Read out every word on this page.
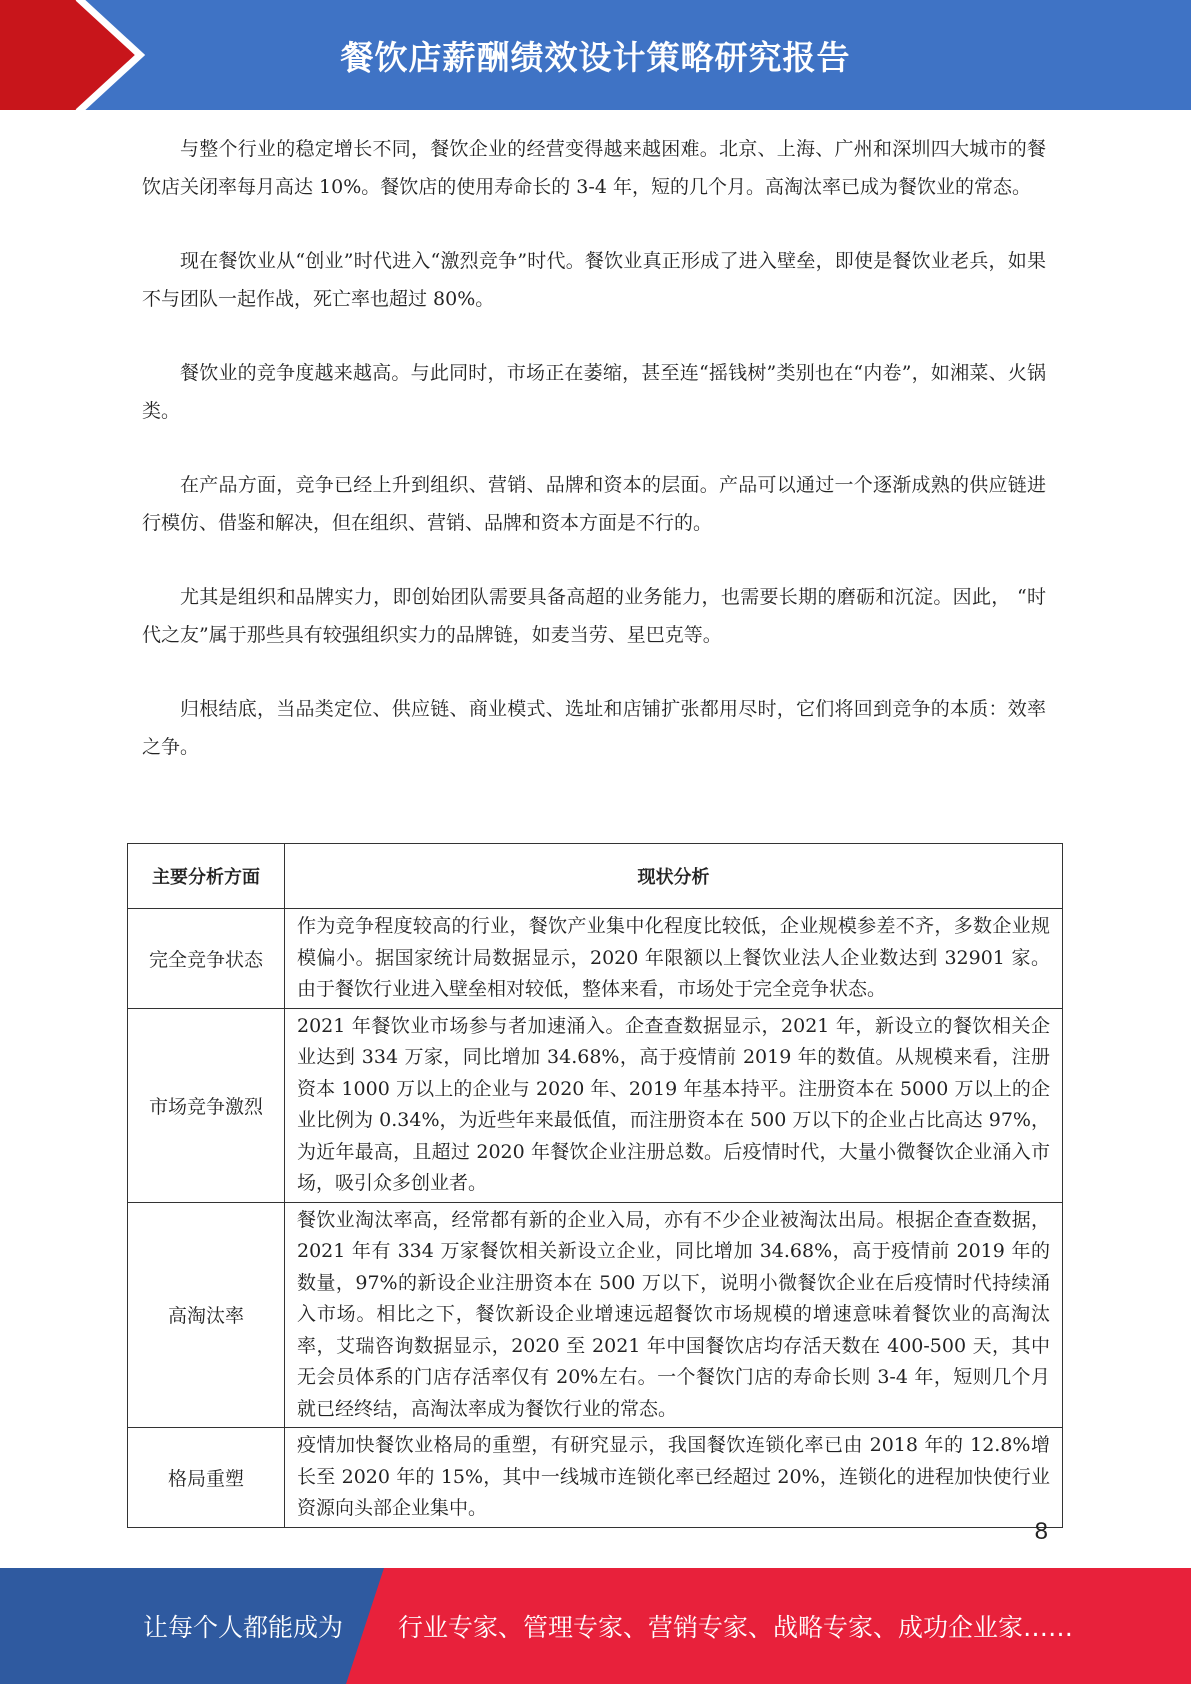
餐饮店薪酬绩效设计策略研究报告

与整个行业的稳定增长不同，餐饮企业的经营变得越来越困难。北京、上海、广州和深圳四大城市的餐饮店关闭率每月高达 10%。餐饮店的使用寿命长的 3-4 年，短的几个月。高淘汰率已成为餐饮业的常态。

现在餐饮业从“创业”时代进入“激烈竞争”时代。餐饮业真正形成了进入壁垒，即使是餐饮业老兵，如果不与团队一起作战，死亡率也超过 80%。

餐饮业的竞争度越来越高。与此同时，市场正在萎缩，甚至连“摇钱树”类别也在“内卷”，如湘菜、火锅类。

在产品方面，竞争已经上升到组织、营销、品牌和资本的层面。产品可以通过一个逐渐成熟的供应链进行模仿、借鉴和解决，但在组织、营销、品牌和资本方面是不行的。

尤其是组织和品牌实力，即创始团队需要具备高超的业务能力，也需要长期的磨砺和沉淀。因此， “时代之友”属于那些具有较强组织实力的品牌链，如麦当劳、星巴克等。

归根结底，当品类定位、供应链、商业模式、选址和店铺扩张都用尽时，它们将回到竞争的本质：效率之争。

主要分析方面	现状分析
完全竞争状态	作为竞争程度较高的行业，餐饮产业集中化程度比较低，企业规模参差不齐，多数企业规模偏小。据国家统计局数据显示，2020 年限额以上餐饮业法人企业数达到 32901 家。由于餐饮行业进入壁垒相对较低，整体来看，市场处于完全竞争状态。
市场竞争激烈	2021 年餐饮业市场参与者加速涌入。企查查数据显示，2021 年，新设立的餐饮相关企业达到 334 万家，同比增加 34.68%，高于疫情前 2019 年的数值。从规模来看，注册资本 1000 万以上的企业与 2020 年、2019 年基本持平。注册资本在 5000 万以上的企业比例为 0.34%，为近些年来最低值，而注册资本在 500 万以下的企业占比高达 97%，为近年最高，且超过 2020 年餐饮企业注册总数。后疫情时代，大量小微餐饮企业涌入市场，吸引众多创业者。
高淘汰率	餐饮业淘汰率高，经常都有新的企业入局，亦有不少企业被淘汰出局。根据企查查数据，2021 年有 334 万家餐饮相关新设立企业，同比增加 34.68%，高于疫情前 2019 年的数量，97%的新设企业注册资本在 500 万以下，说明小微餐饮企业在后疫情时代持续涌入市场。相比之下，餐饮新设企业增速远超餐饮市场规模的增速意味着餐饮业的高淘汰率，艾瑞咨询数据显示，2020 至 2021 年中国餐饮店均存活天数在 400-500 天，其中无会员体系的门店存活率仅有 20%左右。一个餐饮门店的寿命长则 3-4 年，短则几个月就已经终结，高淘汰率成为餐饮行业的常态。
格局重塑	疫情加快餐饮业格局的重塑，有研究显示，我国餐饮连锁化率已由 2018 年的 12.8%增长至 2020 年的 15%，其中一线城市连锁化率已经超过 20%，连锁化的进程加快使行业资源向头部企业集中。
8
让每个人都能成为 行业专家、管理专家、营销专家、战略专家、成功企业家……
